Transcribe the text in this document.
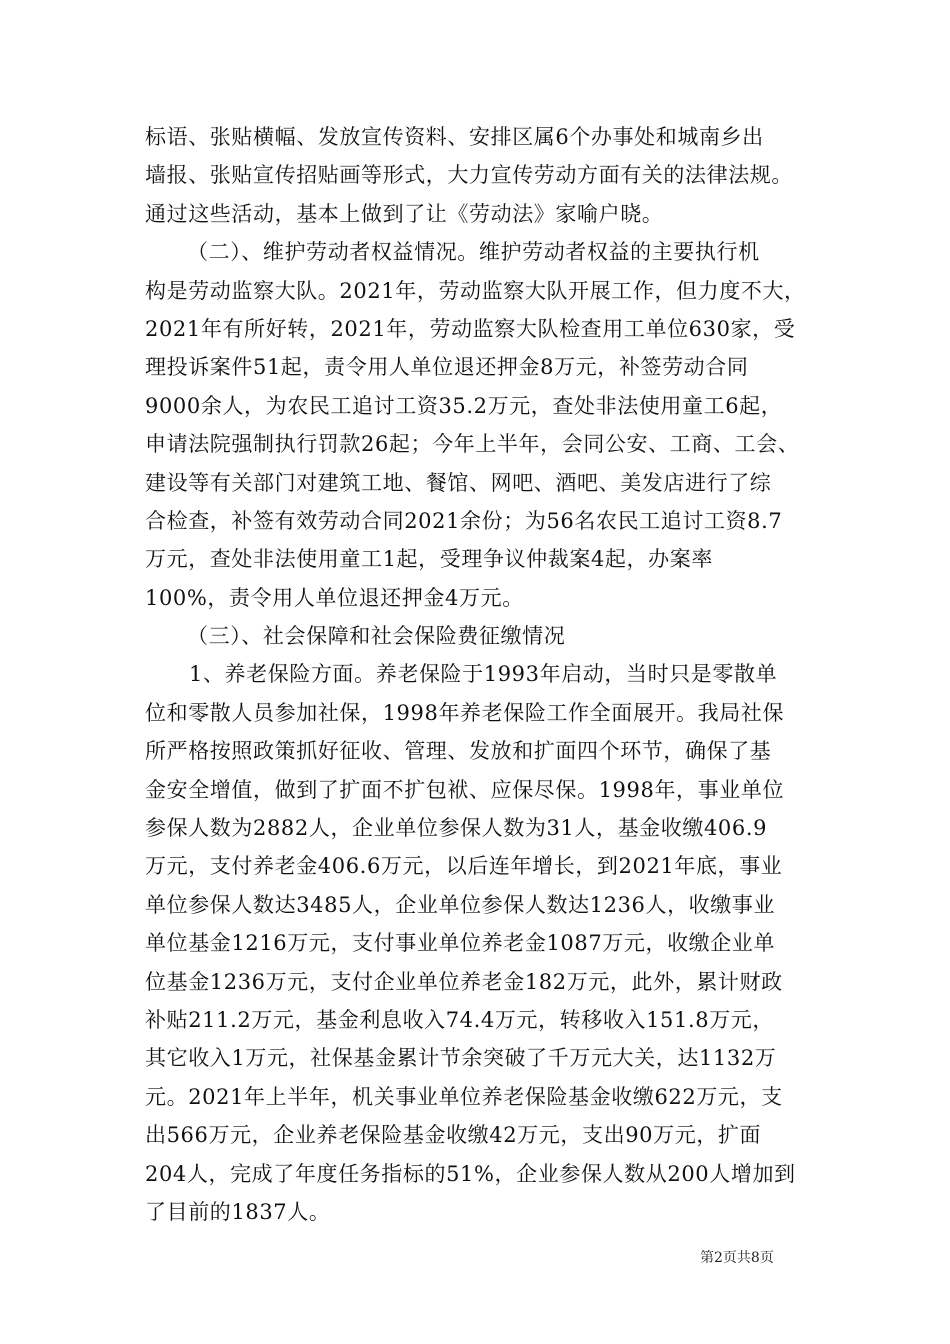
标语、张贴横幅、发放宣传资料、安排区属6个办事处和城南乡出
墙报、张贴宣传招贴画等形式，大力宣传劳动方面有关的法律法规。
通过这些活动，基本上做到了让《劳动法》家喻户晓。
（二）、维护劳动者权益情况。维护劳动者权益的主要执行机
构是劳动监察大队。2021年，劳动监察大队开展工作，但力度不大，
2021年有所好转，2021年，劳动监察大队检查用工单位630家，受
理投诉案件51起，责令用人单位退还押金8万元，补签劳动合同
9000余人，为农民工追讨工资35.2万元，查处非法使用童工6起，
申请法院强制执行罚款26起；今年上半年，会同公安、工商、工会、
建设等有关部门对建筑工地、餐馆、网吧、酒吧、美发店进行了综
合检查，补签有效劳动合同2021余份；为56名农民工追讨工资8.7
万元，查处非法使用童工1起，受理争议仲裁案4起，办案率
100%，责令用人单位退还押金4万元。
（三）、社会保障和社会保险费征缴情况
1、养老保险方面。养老保险于1993年启动，当时只是零散单
位和零散人员参加社保，1998年养老保险工作全面展开。我局社保
所严格按照政策抓好征收、管理、发放和扩面四个环节，确保了基
金安全增值，做到了扩面不扩包袱、应保尽保。1998年，事业单位
参保人数为2882人，企业单位参保人数为31人，基金收缴406.9
万元，支付养老金406.6万元，以后连年增长，到2021年底，事业
单位参保人数达3485人，企业单位参保人数达1236人，收缴事业
单位基金1216万元，支付事业单位养老金1087万元，收缴企业单
位基金1236万元，支付企业单位养老金182万元，此外，累计财政
补贴211.2万元，基金利息收入74.4万元，转移收入151.8万元，
其它收入1万元，社保基金累计节余突破了千万元大关，达1132万
元。2021年上半年，机关事业单位养老保险基金收缴622万元，支
出566万元，企业养老保险基金收缴42万元，支出90万元，扩面
204人，完成了年度任务指标的51%，企业参保人数从200人增加到
了目前的1837人。
第2页共8页
